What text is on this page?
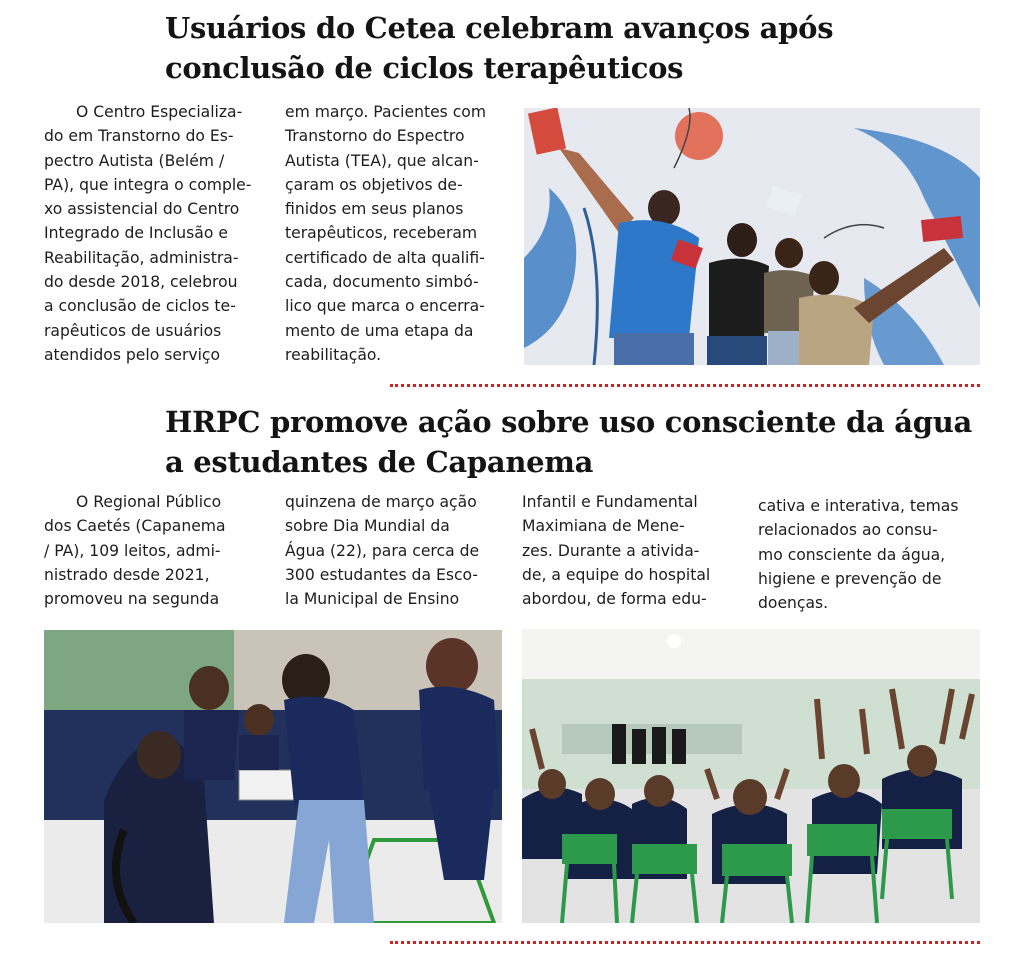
Usuários do Cetea celebram avanços após
conclusão de ciclos terapêuticos

O Centro Especializa-
do em Transtorno do Es-
pectro Autista (Belém /
PA), que integra o comple-
xo assistencial do Centro
Integrado de Inclusão e
Reabilitação, administra-
do desde 2018, celebrou
a conclusão de ciclos te-
rapêuticos de usuários
atendidos pelo serviço

em março. Pacientes com
Transtorno do Espectro
Autista (TEA), que alcan-
çaram os objetivos de-
finidos em seus planos
terapêuticos, receberam
certificado de alta qualifi-
cada, documento simbó-
lico que marca o encerra-
mento de uma etapa da
reabilitação.

HRPC promove ação sobre uso consciente da água
a estudantes de Capanema

O Regional Público
dos Caetés (Capanema
/ PA), 109 leitos, admi-
nistrado desde 2021,
promoveu na segunda

quinzena de março ação
sobre Dia Mundial da
Água (22), para cerca de
300 estudantes da Esco-
la Municipal de Ensino

Infantil e Fundamental
Maximiana de Mene-
zes. Durante a ativida-
de, a equipe do hospital
abordou, de forma edu-

cativa e interativa, temas
relacionados ao consu-
mo consciente da água,
higiene e prevenção de
doenças.
